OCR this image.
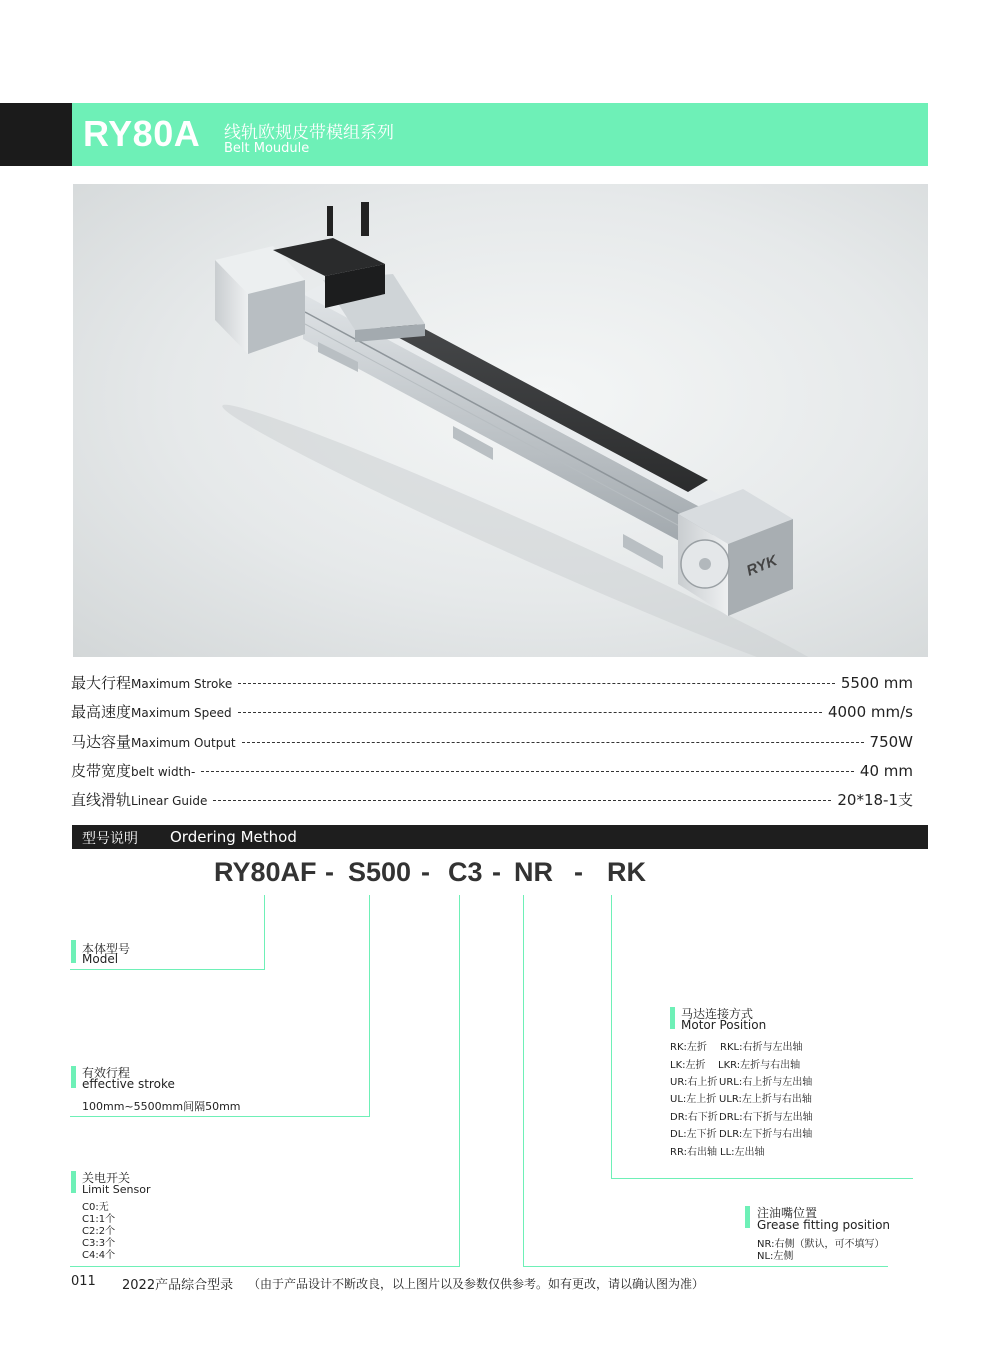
RY80A 线轨欧规皮带模组系列
Belt Moudule
RYK
最大行程 Maximum Stroke	5500 mm
最高速度 Maximum Speed	4000 mm/s
马达容量 Maximum Output	750W
皮带宽度 belt width-	40 mm
直线滑轨 Linear Guide	20*18-1支
型号说明 Ordering Method
RY80AF - S500 - C3 - NR - RK
本体型号
Model
有效行程
effective stroke
100mm~5500mm间隔50mm
关电开关
Limit Sensor
C0:无
C1:1个
C2:2个
C3:3个
C4:4个
马达连接方式
Motor Position
RK:左折 RKL:右折与左出轴
LK:左折 LKR:左折与右出轴
UR:右上折 URL:右上折与左出轴
UL:左上折 ULR:左上折与右出轴
DR:右下折 DRL:右下折与左出轴
DL:左下折 DLR:左下折与右出轴
RR:右出轴 LL:左出轴
注油嘴位置
Grease fitting position
NR:右侧（默认，可不填写）
NL:左侧
011 2022产品综合型录 （由于产品设计不断改良，以上图片以及参数仅供参考。如有更改，请以确认图为准）
